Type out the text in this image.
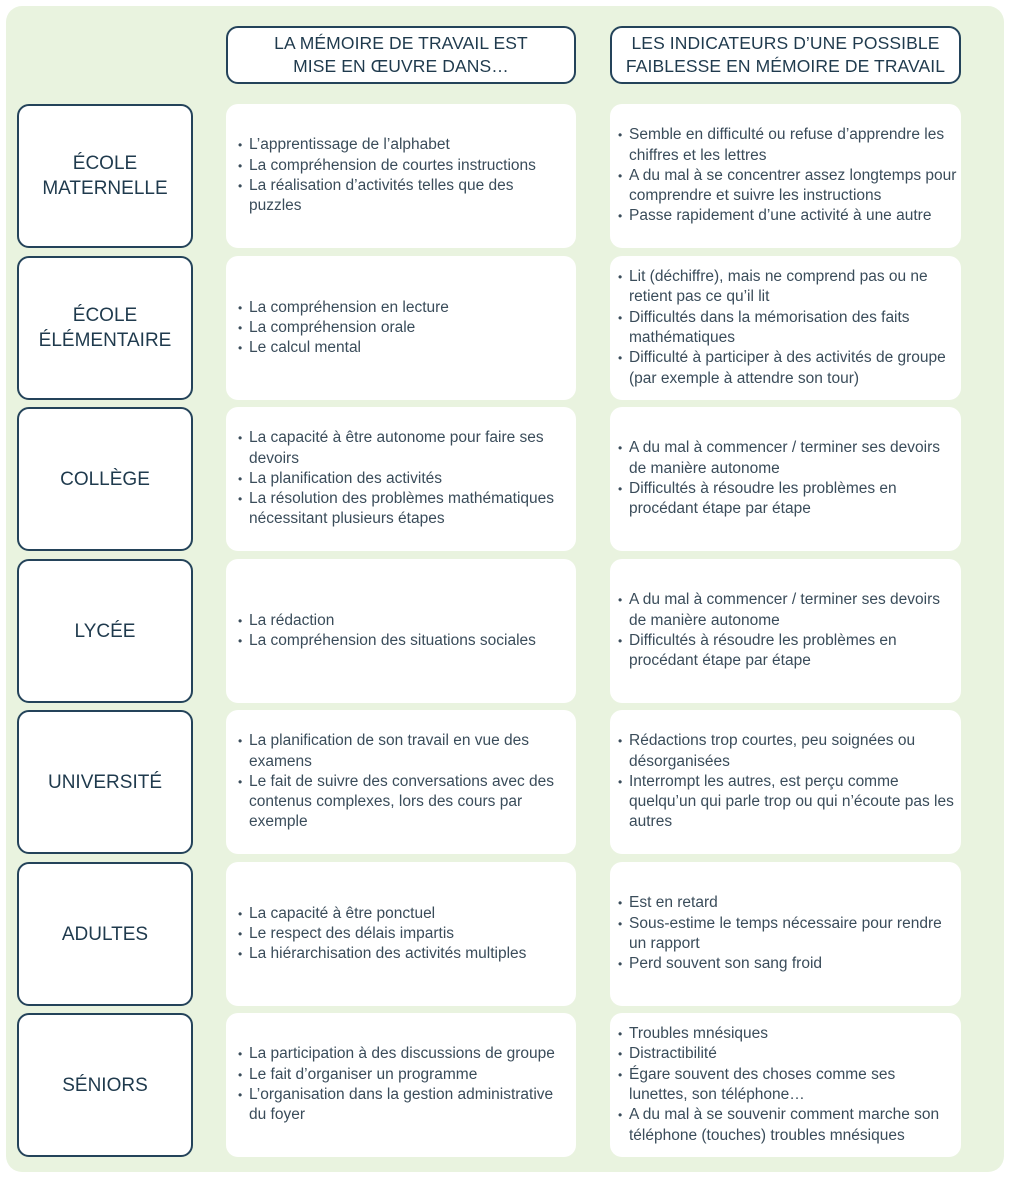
LA MÉMOIRE DE TRAVAIL EST
MISE EN ŒUVRE DANS…
LES INDICATEURS D’UNE POSSIBLE
FAIBLESSE EN MÉMOIRE DE TRAVAIL
ÉCOLE
MATERNELLE
• L’apprentissage de l’alphabet
• La compréhension de courtes instructions
• La réalisation d’activités telles que des puzzles
• Semble en difficulté ou refuse d’apprendre les chiffres et les lettres
• A du mal à se concentrer assez longtemps pour comprendre et suivre les instructions
• Passe rapidement d’une activité à une autre
ÉCOLE
ÉLÉMENTAIRE
• La compréhension en lecture
• La compréhension orale
• Le calcul mental
• Lit (déchiffre), mais ne comprend pas ou ne retient pas ce qu’il lit
• Difficultés dans la mémorisation des faits mathématiques
• Difficulté à participer à des activités de groupe (par exemple à attendre son tour)
COLLÈGE
• La capacité à être autonome pour faire ses devoirs
• La planification des activités
• La résolution des problèmes mathématiques nécessitant plusieurs étapes
• A du mal à commencer / terminer ses devoirs de manière autonome
• Difficultés à résoudre les problèmes en procédant étape par étape
LYCÉE
• La rédaction
• La compréhension des situations sociales
• A du mal à commencer / terminer ses devoirs de manière autonome
• Difficultés à résoudre les problèmes en procédant étape par étape
UNIVERSITÉ
• La planification de son travail en vue des examens
• Le fait de suivre des conversations avec des contenus complexes, lors des cours par exemple
• Rédactions trop courtes, peu soignées ou désorganisées
• Interrompt les autres, est perçu comme quelqu’un qui parle trop ou qui n’écoute pas les autres
ADULTES
• La capacité à être ponctuel
• Le respect des délais impartis
• La hiérarchisation des activités multiples
• Est en retard
• Sous-estime le temps nécessaire pour rendre un rapport
• Perd souvent son sang froid
SÉNIORS
• La participation à des discussions de groupe
• Le fait d’organiser un programme
• L’organisation dans la gestion administrative du foyer
• Troubles mnésiques
• Distractibilité
• Égare souvent des choses comme ses lunettes, son téléphone…
• A du mal à se souvenir comment marche son téléphone (touches) troubles mnésiques
